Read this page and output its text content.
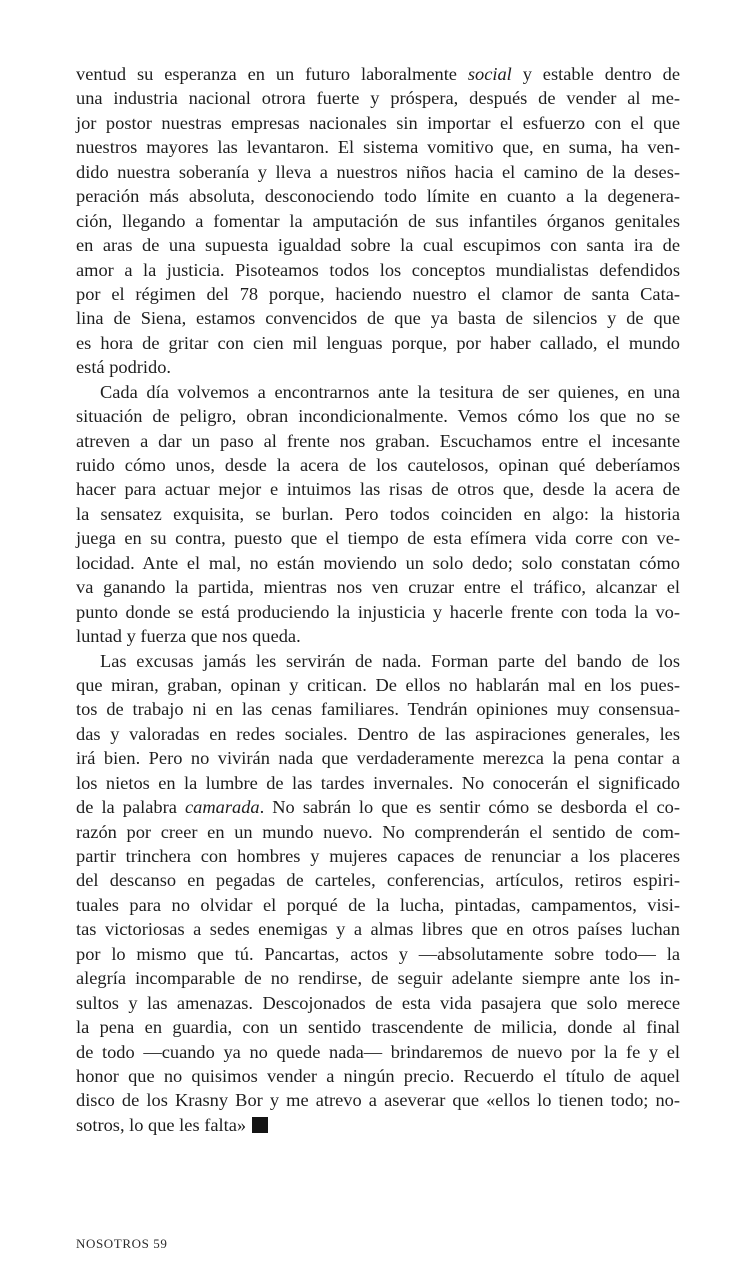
ventud su esperanza en un futuro laboralmente social y estable dentro de
una industria nacional otrora fuerte y próspera, después de vender al me-
jor postor nuestras empresas nacionales sin importar el esfuerzo con el que
nuestros mayores las levantaron. El sistema vomitivo que, en suma, ha ven-
dido nuestra soberanía y lleva a nuestros niños hacia el camino de la deses-
peración más absoluta, desconociendo todo límite en cuanto a la degenera-
ción, llegando a fomentar la amputación de sus infantiles órganos genitales
en aras de una supuesta igualdad sobre la cual escupimos con santa ira de
amor a la justicia. Pisoteamos todos los conceptos mundialistas defendidos
por el régimen del 78 porque, haciendo nuestro el clamor de santa Cata-
lina de Siena, estamos convencidos de que ya basta de silencios y de que
es hora de gritar con cien mil lenguas porque, por haber callado, el mundo
está podrido.
Cada día volvemos a encontrarnos ante la tesitura de ser quienes, en una
situación de peligro, obran incondicionalmente. Vemos cómo los que no se
atreven a dar un paso al frente nos graban. Escuchamos entre el incesante
ruido cómo unos, desde la acera de los cautelosos, opinan qué deberíamos
hacer para actuar mejor e intuimos las risas de otros que, desde la acera de
la sensatez exquisita, se burlan. Pero todos coinciden en algo: la historia
juega en su contra, puesto que el tiempo de esta efímera vida corre con ve-
locidad. Ante el mal, no están moviendo un solo dedo; solo constatan cómo
va ganando la partida, mientras nos ven cruzar entre el tráfico, alcanzar el
punto donde se está produciendo la injusticia y hacerle frente con toda la vo-
luntad y fuerza que nos queda.
Las excusas jamás les servirán de nada. Forman parte del bando de los
que miran, graban, opinan y critican. De ellos no hablarán mal en los pues-
tos de trabajo ni en las cenas familiares. Tendrán opiniones muy consensua-
das y valoradas en redes sociales. Dentro de las aspiraciones generales, les
irá bien. Pero no vivirán nada que verdaderamente merezca la pena contar a
los nietos en la lumbre de las tardes invernales. No conocerán el significado
de la palabra camarada. No sabrán lo que es sentir cómo se desborda el co-
razón por creer en un mundo nuevo. No comprenderán el sentido de com-
partir trinchera con hombres y mujeres capaces de renunciar a los placeres
del descanso en pegadas de carteles, conferencias, artículos, retiros espiri-
tuales para no olvidar el porqué de la lucha, pintadas, campamentos, visi-
tas victoriosas a sedes enemigas y a almas libres que en otros países luchan
por lo mismo que tú. Pancartas, actos y —absolutamente sobre todo— la
alegría incomparable de no rendirse, de seguir adelante siempre ante los in-
sultos y las amenazas. Descojonados de esta vida pasajera que solo merece
la pena en guardia, con un sentido trascendente de milicia, donde al final
de todo —cuando ya no quede nada— brindaremos de nuevo por la fe y el
honor que no quisimos vender a ningún precio. Recuerdo el título de aquel
disco de los Krasny Bor y me atrevo a aseverar que «ellos lo tienen todo; no-
sotros, lo que les falta»
NOSOTROS 59
